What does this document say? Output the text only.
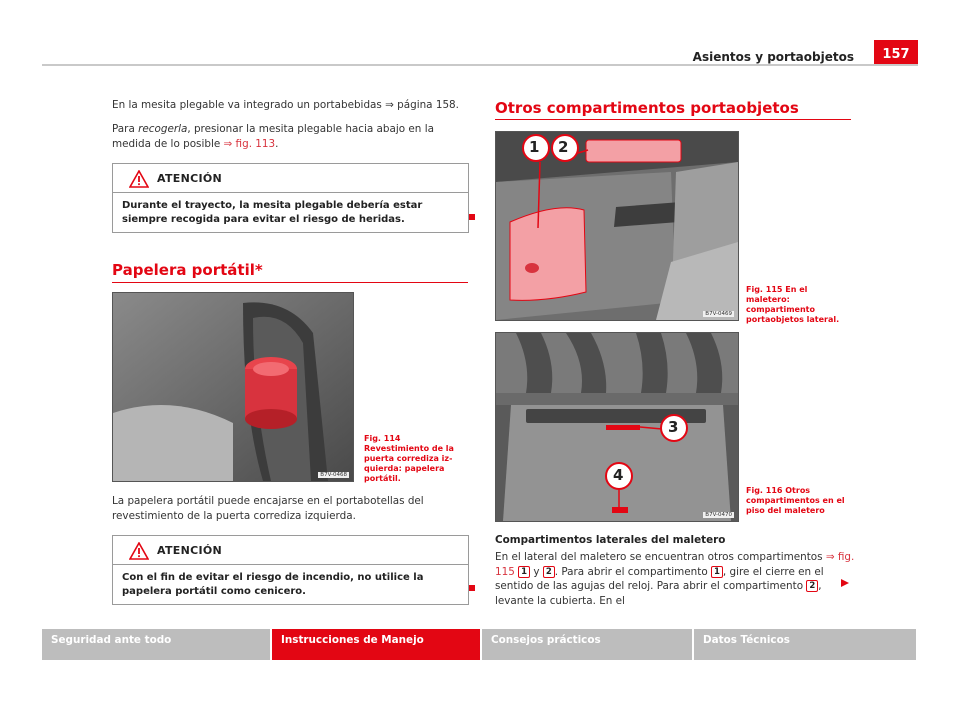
Asientos y portaobjetos	157

En la mesita plegable va integrado un portabebidas ⇒ página 158.

Para recogerla, presionar la mesita plegable hacia abajo en la medida de lo posible ⇒ fig. 113.

ATENCIÓN
Durante el trayecto, la mesita plegable debería estar siempre recogida para evitar el riesgo de heridas.
Papelera portátil*
B7V-0468
Fig. 114 Revestimiento de la puerta corrediza izquierda: papelera portátil.

La papelera portátil puede encajarse en el portabotellas del revestimiento de la puerta corrediza izquierda.

ATENCIÓN
Con el fin de evitar el riesgo de incendio, no utilice la papelera portátil como cenicero.
Otros compartimentos portaobjetos
1 2
B7V-0469
Fig. 115 En el maletero: compartimento portaobjetos lateral.
3
4
B7V-0470
Fig. 116 Otros compartimentos en el piso del maletero
Compartimentos laterales del maletero

En el lateral del maletero se encuentran otros compartimentos ⇒ fig. 115 1 y 2 . Para abrir el compartimento 1 , gire el cierre en el sentido de las agujas del reloj. Para abrir el compartimento 2 , levante la cubierta. En el

Seguridad ante todo	Instrucciones de Manejo	Consejos prácticos	Datos Técnicos
